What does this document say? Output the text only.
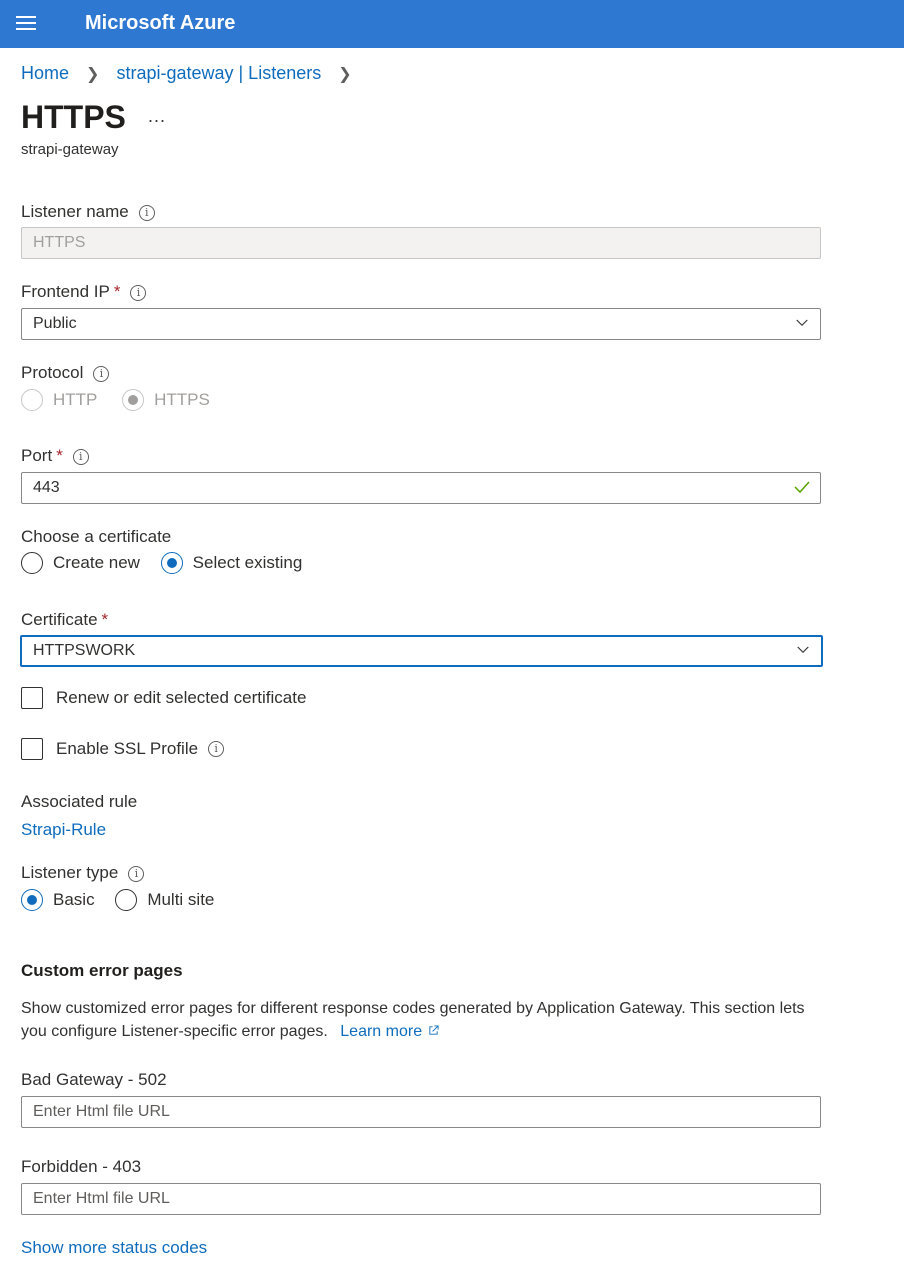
Microsoft Azure
Home ❯ strapi-gateway | Listeners ❯
HTTPS ...
strapi-gateway
Listener name i
HTTPS
Frontend IP * i
Public
Protocol i
HTTP	HTTPS
Port * i
443
Choose a certificate
Create new	Select existing
Certificate *
HTTPSWORK
Renew or edit selected certificate
Enable SSL Profile i
Associated rule
Strapi-Rule
Listener type i
Basic	Multi site
Custom error pages
Show customized error pages for different response codes generated by Application Gateway. This section lets you configure Listener-specific error pages. Learn more
Bad Gateway - 502
Enter Html file URL
Forbidden - 403
Enter Html file URL
Show more status codes
